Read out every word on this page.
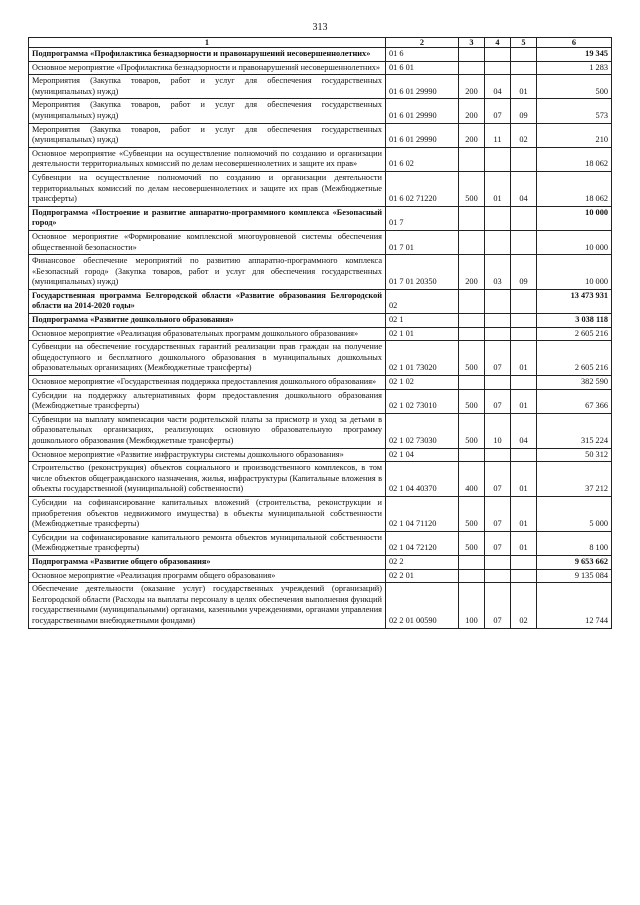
313
1	2	3	4	5	6
Подпрограмма «Профилактика безнадзорности и правонарушений несовершеннолетних»	01 6				19 345
Основное мероприятие «Профилактика безнадзорности и правонарушений несовершеннолетних»	01 6 01				1 283
Мероприятия (Закупка товаров, работ и услуг для обеспечения государственных (муниципальных) нужд)	01 6 01 29990	200	04	01	500
Мероприятия (Закупка товаров, работ и услуг для обеспечения государственных (муниципальных) нужд)	01 6 01 29990	200	07	09	573
Мероприятия (Закупка товаров, работ и услуг для обеспечения государственных (муниципальных) нужд)	01 6 01 29990	200	11	02	210
Основное мероприятие «Субвенции на осуществление полномочий по созданию и организации деятельности территориальных комиссий по делам несовершеннолетних и защите их прав»	01 6 02				18 062
Субвенции на осуществление полномочий по созданию и организации деятельности территориальных комиссий по делам несовершеннолетних и защите их прав (Межбюджетные трансферты)	01 6 02 71220	500	01	04	18 062
Подпрограмма «Построение и развитие аппаратно-программного комплекса «Безопасный город»	01 7				10 000
Основное мероприятие «Формирование комплексной многоуровневой системы обеспечения общественной безопасности»	01 7 01				10 000
Финансовое обеспечение мероприятий по развитию аппаратно-программного комплекса «Безопасный город» (Закупка товаров, работ и услуг для обеспечения государственных (муниципальных) нужд)	01 7 01 20350	200	03	09	10 000
Государственная программа Белгородской области «Развитие образования Белгородской области на 2014-2020 годы»	02				13 473 931
Подпрограмма «Развитие дошкольного образования»	02 1				3 038 118
Основное мероприятие «Реализация образовательных программ дошкольного образования»	02 1 01				2 605 216
Субвенции на обеспечение государственных гарантий реализации прав граждан на получение общедоступного и бесплатного дошкольного образования в муниципальных дошкольных образовательных организациях (Межбюджетные трансферты)	02 1 01 73020	500	07	01	2 605 216
Основное мероприятие «Государственная поддержка предоставления дошкольного образования»	02 1 02				382 590
Субсидии на поддержку альтернативных форм предоставления дошкольного образования (Межбюджетные трансферты)	02 1 02 73010	500	07	01	67 366
Субвенции на выплату компенсации части родительской платы за присмотр и уход за детьми в образовательных организациях, реализующих основную образовательную программу дошкольного образования (Межбюджетные трансферты)	02 1 02 73030	500	10	04	315 224
Основное мероприятие «Развитие инфраструктуры системы дошкольного образования»	02 1 04				50 312
Строительство (реконструкция) объектов социального и производственного комплексов, в том числе объектов общегражданского назначения, жилья, инфраструктуры (Капитальные вложения в объекты государственной (муниципальной) собственности)	02 1 04 40370	400	07	01	37 212
Субсидии на софинансирование капитальных вложений (строительства, реконструкции и приобретения объектов недвижимого имущества) в объекты муниципальной собственности (Межбюджетные трансферты)	02 1 04 71120	500	07	01	5 000
Субсидии на софинансирование капитального ремонта объектов муниципальной собственности (Межбюджетные трансферты)	02 1 04 72120	500	07	01	8 100
Подпрограмма «Развитие общего образования»	02 2				9 653 662
Основное мероприятие «Реализация программ общего образования»	02 2 01				9 135 084
Обеспечение деятельности (оказание услуг) государственных учреждений (организаций) Белгородской области (Расходы на выплаты персоналу в целях обеспечения выполнения функций государственными (муниципальными) органами, казенными учреждениями, органами управления государственными внебюджетными фондами)	02 2 01 00590	100	07	02	12 744
